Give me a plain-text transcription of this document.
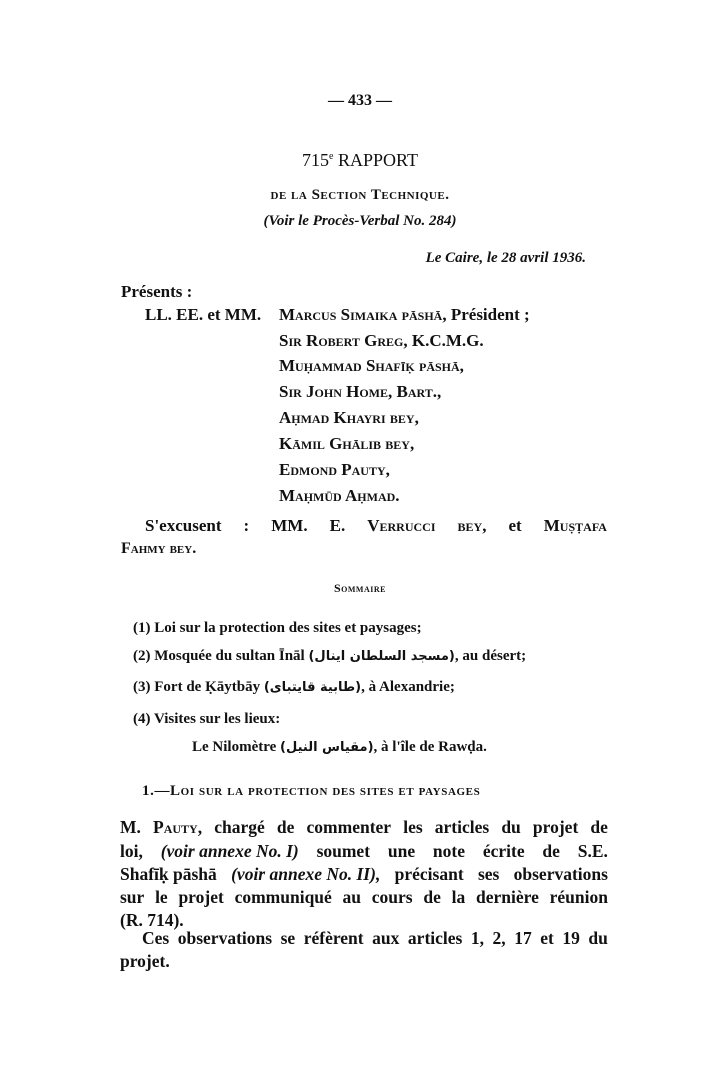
— 433 —
715e RAPPORT
de la Section Technique.
(Voir le Procès-Verbal No. 284)
Le Caire, le 28 avril 1936.
Présents :
LL. EE. et MM. Marcus Simaika pāshā, Président ;
Sir Robert Greg, K.C.M.G.
Muḥammad Shafīḳ pāshā,
Sir John Home, Bart.,
Aḥmad Khayri bey,
Kāmil Ghālib bey,
Edmond Pauty,
Maḥmūd Aḥmad.
S'excusent : MM. E. Verrucci bey, et Muṣṭafa
Fahmy bey.
Sommaire
(1) Loi sur la protection des sites et paysages;
(2) Mosquée du sultan Īnāl (مسجد السلطان اينال), au désert;
(3) Fort de Ḳāytbāy (طابية قايتباى), à Alexandrie;
(4) Visites sur les lieux:
Le Nilomètre (مقياس النيل), à l'île de Rawḍa.
1.—Loi sur la protection des sites et paysages
M. Pauty, chargé de commenter les articles du projet de
loi, (voir annexe No. I) soumet une note écrite de S.E.
Shafīḳ pāshā (voir annexe No. II), précisant ses observations
sur le projet communiqué au cours de la dernière réunion
(R. 714).
Ces observations se réfèrent aux articles 1, 2, 17 et 19 du
projet.
